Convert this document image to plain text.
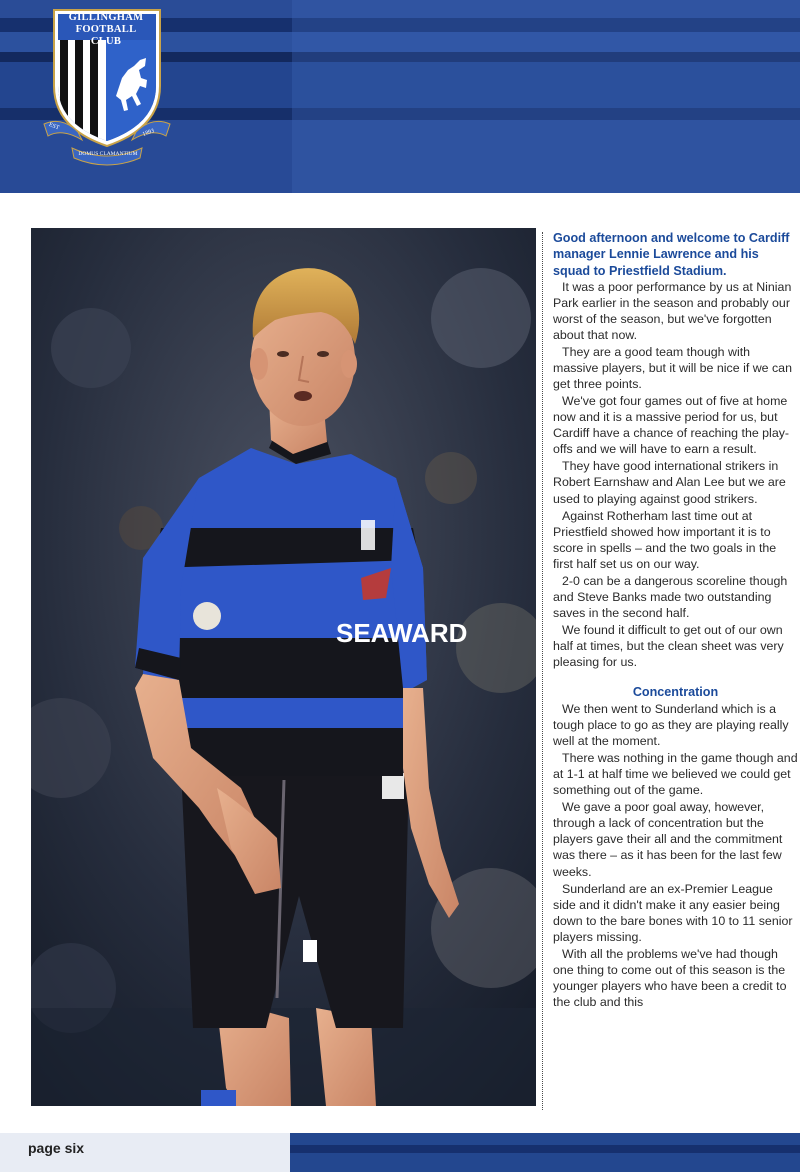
GILLINGHAM
FOOTBALL CLUB
EST
1893
DOMUS CLAMANTIUM
SEAWARD
Good afternoon and welcome to Cardiff manager Lennie Lawrence and his squad to Priestfield Stadium.

It was a poor performance by us at Ninian Park earlier in the season and probably our worst of the season, but we've forgotten about that now.

They are a good team though with massive players, but it will be nice if we can get three points.

We've got four games out of five at home now and it is a massive period for us, but Cardiff have a chance of reaching the play-offs and we will have to earn a result.

They have good international strikers in Robert Earnshaw and Alan Lee but we are used to playing against good strikers.

Against Rotherham last time out at Priestfield showed how important it is to score in spells – and the two goals in the first half set us on our way.

2-0 can be a dangerous scoreline though and Steve Banks made two outstanding saves in the second half.

We found it difficult to get out of our own half at times, but the clean sheet was very pleasing for us.

Concentration

We then went to Sunderland which is a tough place to go as they are playing really well at the moment.

There was nothing in the game though and at 1-1 at half time we believed we could get something out of the game.

We gave a poor goal away, however, through a lack of concentration but the players gave their all and the commitment was there – as it has been for the last few weeks.

Sunderland are an ex-Premier League side and it didn't make it any easier being down to the bare bones with 10 to 11 senior players missing.

With all the problems we've had though one thing to come out of this season is the younger players who have been a credit to the club and this

page six
